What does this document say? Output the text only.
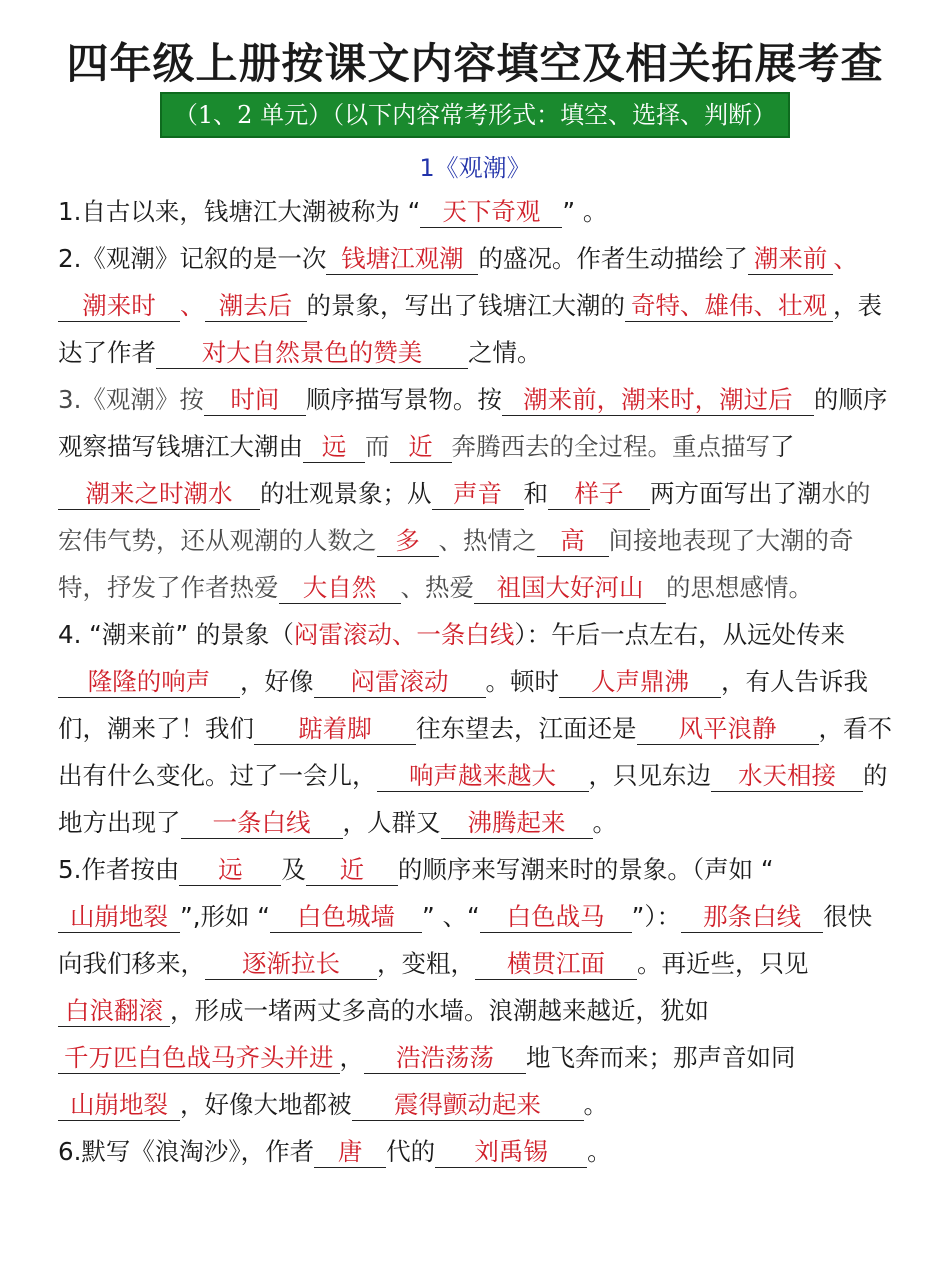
四年级上册按课文内容填空及相关拓展考查
（1、2 单元）（以下内容常考形式：填空、选择、判断）
1《观潮》

1.自古以来，钱塘江大潮被称为 “ 天下奇观 ” 。

2.《观潮》记叙的是一次 钱塘江观潮 的盛况。作者生动描绘了 潮来前 、潮来时 、 潮去后 的景象，写出了钱塘江大潮的 奇特、雄伟、壮观 ，表达了作者 对大自然景色的赞美 之情。

3.《观潮》按 时间 顺序描写景物。按 潮来前，潮来时，潮过后 的顺序观察描写钱塘江大潮由 远 而 近 奔腾西去的全过程。重点描写了潮来之时潮水 的壮观景象；从 声音 和 样子 两方面写出了潮水的宏伟气势，还从观潮的人数之 多 、热情之 高 间接地表现了大潮的奇特，抒发了作者热爱 大自然 、热爱 祖国大好河山 的思想感情。

4. “潮来前” 的景象（闷雷滚动、一条白线）：午后一点左右，从远处传来隆隆的响声 ，好像 闷雷滚动 。顿时 人声鼎沸 ，有人告诉我们，潮来了！我们 踮着脚 往东望去，江面还是 风平浪静 ，看不出有什么变化。过了一会儿， 响声越来越大 ，只见东边 水天相接 的地方出现了 一条白线 ，人群又 沸腾起来 。

5.作者按由 远 及 近 的顺序来写潮来时的景象。（声如 “山崩地裂 ”,形如 “ 白色城墙 ” 、“ 白色战马 ”）： 那条白线 很快向我们移来， 逐渐拉长 ，变粗， 横贯江面 。再近些，只见白浪翻滚 ，形成一堵两丈多高的水墙。浪潮越来越近，犹如千万匹白色战马齐头并进 ， 浩浩荡荡 地飞奔而来；那声音如同山崩地裂 ，好像大地都被 震得颤动起来 。

6.默写《浪淘沙》，作者 唐 代的 刘禹锡 。
